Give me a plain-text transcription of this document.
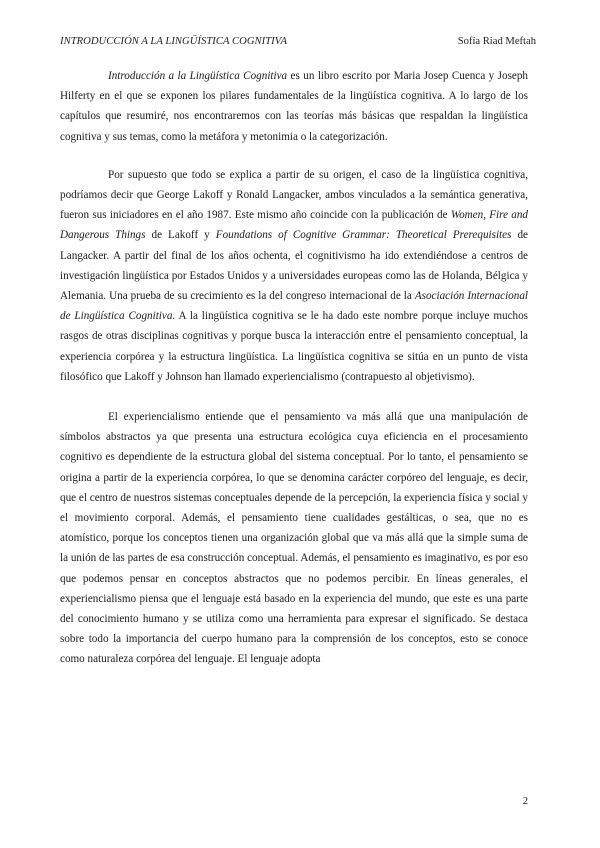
INTRODUCCIÓN A LA LINGÜÍSTICA COGNITIVA	Sofía Riad Meftah

Introducción a la Lingüística Cognitiva es un libro escrito por Maria Josep Cuenca y Joseph Hilferty en el que se exponen los pilares fundamentales de la lingüística cognitiva. A lo largo de los capítulos que resumiré, nos encontraremos con las teorías más básicas que respaldan la lingüística cognitiva y sus temas, como la metáfora y metonimia o la categorización.

Por supuesto que todo se explica a partir de su origen, el caso de la lingüística cognitiva, podríamos decir que George Lakoff y Ronald Langacker, ambos vinculados a la semántica generativa, fueron sus iniciadores en el año 1987. Este mismo año coincide con la publicación de Women, Fire and Dangerous Things de Lakoff y Foundations of Cognitive Grammar: Theoretical Prerequisites de Langacker. A partir del final de los años ochenta, el cognitivismo ha ido extendiéndose a centros de investigación lingüística por Estados Unidos y a universidades europeas como las de Holanda, Bélgica y Alemania. Una prueba de su crecimiento es la del congreso internacional de la Asociación Internacional de Lingüística Cognitiva. A la lingüística cognitiva se le ha dado este nombre porque incluye muchos rasgos de otras disciplinas cognitivas y porque busca la interacción entre el pensamiento conceptual, la experiencia corpórea y la estructura lingüística. La lingüística cognitiva se sitúa en un punto de vista filosófico que Lakoff y Johnson han llamado experiencialismo (contrapuesto al objetivismo).

El experiencialismo entiende que el pensamiento va más allá que una manipulación de símbolos abstractos ya que presenta una estructura ecológica cuya eficiencia en el procesamiento cognitivo es dependiente de la estructura global del sistema conceptual. Por lo tanto, el pensamiento se origina a partir de la experiencia corpórea, lo que se denomina carácter corpóreo del lenguaje, es decir, que el centro de nuestros sistemas conceptuales depende de la percepción, la experiencia física y social y el movimiento corporal. Además, el pensamiento tiene cualidades gestálticas, o sea, que no es atomístico, porque los conceptos tienen una organización global que va más allá que la simple suma de la unión de las partes de esa construcción conceptual. Además, el pensamiento es imaginativo, es por eso que podemos pensar en conceptos abstractos que no podemos percibir. En líneas generales, el experiencialismo piensa que el lenguaje está basado en la experiencia del mundo, que este es una parte del conocimiento humano y se utiliza como una herramienta para expresar el significado. Se destaca sobre todo la importancia del cuerpo humano para la comprensión de los conceptos, esto se conoce como naturaleza corpórea del lenguaje. El lenguaje adopta

2
